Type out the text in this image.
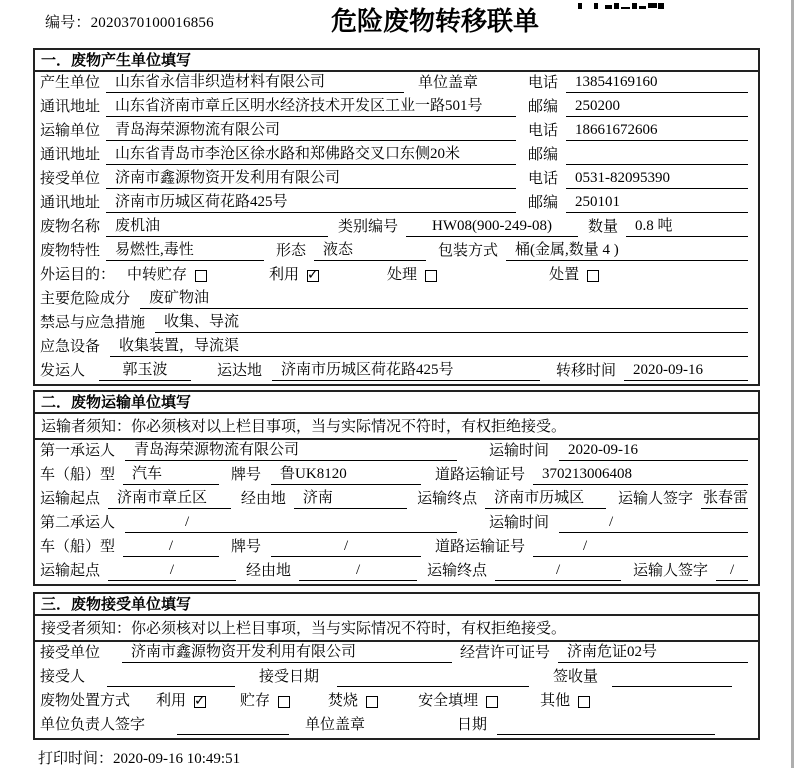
编号：2020370100016856	危险废物转移联单
一．废物产生单位填写
产生单位	山东省永信非织造材料有限公司	单位盖章	电话	13854169160
通讯地址	山东省济南市章丘区明水经济技术开发区工业一路501号	邮编	250200
运输单位	青岛海荣源物流有限公司	电话	18661672606
通讯地址	山东省青岛市李沧区徐水路和郑佛路交叉口东侧20米	邮编
接受单位	济南市鑫源物资开发利用有限公司	电话	0531-82095390
通讯地址	济南市历城区荷花路425号	邮编	250101
废物名称	废机油	类别编号	HW08(900-249-08)	数量	0.8 吨
废物特性	易燃性,毒性	形态	液态	包装方式	桶(金属,数量 4 )
外运目的： 中转贮存	利用 ✓	处理	处置
主要危险成分	废矿物油
禁忌与应急措施	收集、导流
应急设备	收集装置，导流渠
发运人	郭玉波	运达地	济南市历城区荷花路425号	转移时间	2020-09-16
二．废物运输单位填写
运输者须知：你必须核对以上栏目事项，当与实际情况不符时，有权拒绝接受。
第一承运人	青岛海荣源物流有限公司	运输时间	2020-09-16
车（船）型	汽车	牌号	鲁UK8120	道路运输证号	370213006408
运输起点	济南市章丘区	经由地	济南	运输终点	济南市历城区	运输人签字 张春雷
第二承运人	/	运输时间	/
车（船）型	/	牌号	/	道路运输证号	/
运输起点	/	经由地	/	运输终点	/	运输人签字	/
三．废物接受单位填写
接受者须知：你必须核对以上栏目事项，当与实际情况不符时，有权拒绝接受。
接受单位	济南市鑫源物资开发利用有限公司	经营许可证号	济南危证02号
接受人	接受日期	签收量
废物处置方式 利用 ✓	贮存	焚烧	安全填埋	其他
单位负责人签字	单位盖章	日期
打印时间：2020-09-16 10:49:51
